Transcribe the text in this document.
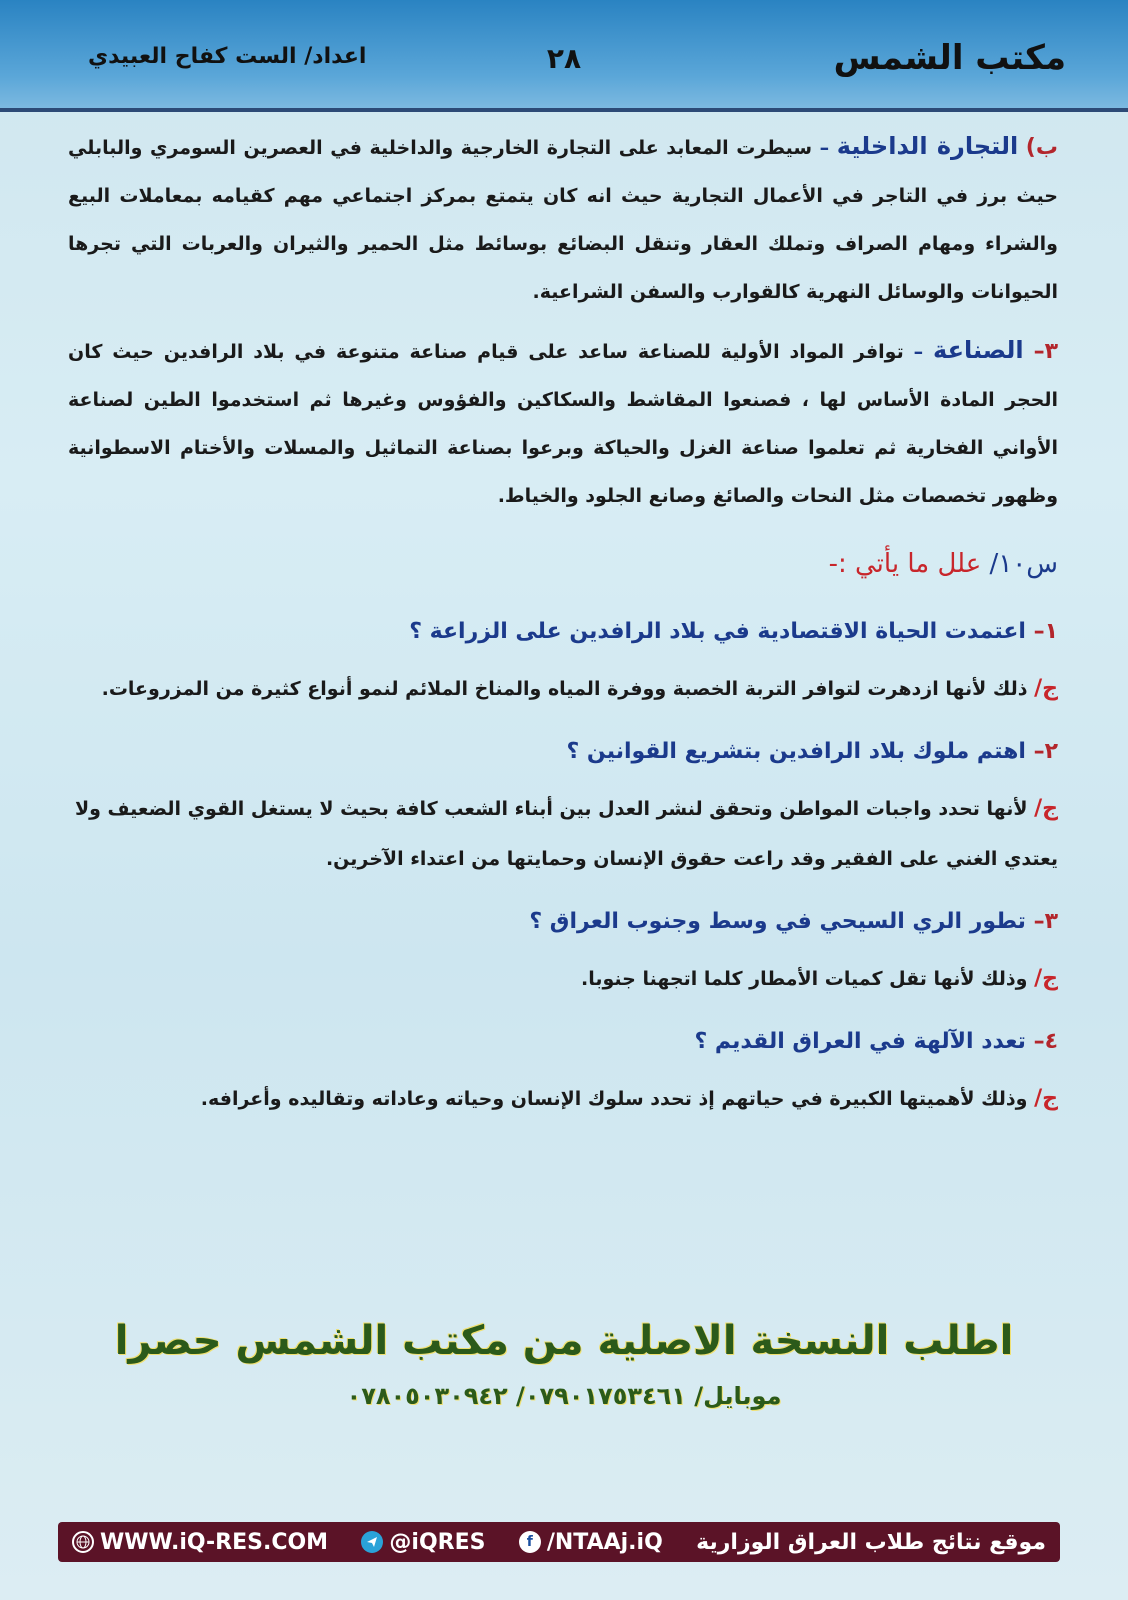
مكتب الشمس
٢٨
اعداد/ الست كفاح العبيدي
ب) التجارة الداخلية – سيطرت المعابد على التجارة الخارجية والداخلية في العصرين السومري والبابلي حيث برز في التاجر في الأعمال التجارية حيث انه كان يتمتع بمركز اجتماعي مهم كقيامه بمعاملات البيع والشراء ومهام الصراف وتملك العقار وتنقل البضائع بوسائط مثل الحمير والثيران والعربات التي تجرها الحيوانات والوسائل النهرية كالقوارب والسفن الشراعية.
٣– الصناعة – توافر المواد الأولية للصناعة ساعد على قيام صناعة متنوعة في بلاد الرافدين حيث كان الحجر المادة الأساس لها ، فصنعوا المقاشط والسكاكين والفؤوس وغيرها ثم استخدموا الطين لصناعة الأواني الفخارية ثم تعلموا صناعة الغزل والحياكة وبرعوا بصناعة التماثيل والمسلات والأختام الاسطوانية وظهور تخصصات مثل النحات والصائغ وصانع الجلود والخياط.
س١٠/ علل ما يأتي :-
١– اعتمدت الحياة الاقتصادية في بلاد الرافدين على الزراعة ؟
ج/ ذلك لأنها ازدهرت لتوافر التربة الخصبة ووفرة المياه والمناخ الملائم لنمو أنواع كثيرة من المزروعات.
٢– اهتم ملوك بلاد الرافدين بتشريع القوانين ؟
ج/ لأنها تحدد واجبات المواطن وتحقق لنشر العدل بين أبناء الشعب كافة بحيث لا يستغل القوي الضعيف ولا يعتدي الغني على الفقير وقد راعت حقوق الإنسان وحمايتها من اعتداء الآخرين.
٣– تطور الري السيحي في وسط وجنوب العراق ؟
ج/ وذلك لأنها تقل كميات الأمطار كلما اتجهنا جنوبا.
٤– تعدد الآلهة في العراق القديم ؟
ج/ وذلك لأهميتها الكبيرة في حياتهم إذ تحدد سلوك الإنسان وحياته وعاداته وتقاليده وأعرافه.
اطلب النسخة الاصلية من مكتب الشمس حصرا
موبايل/ ٠٧٩٠١٧٥٣٤٦١/ ٠٧٨٠٥٠٣٠٩٤٢
WWW.iQ-RES.COM	@iQRES	f /NTAAj.iQ موقع نتائج طلاب العراق الوزارية
